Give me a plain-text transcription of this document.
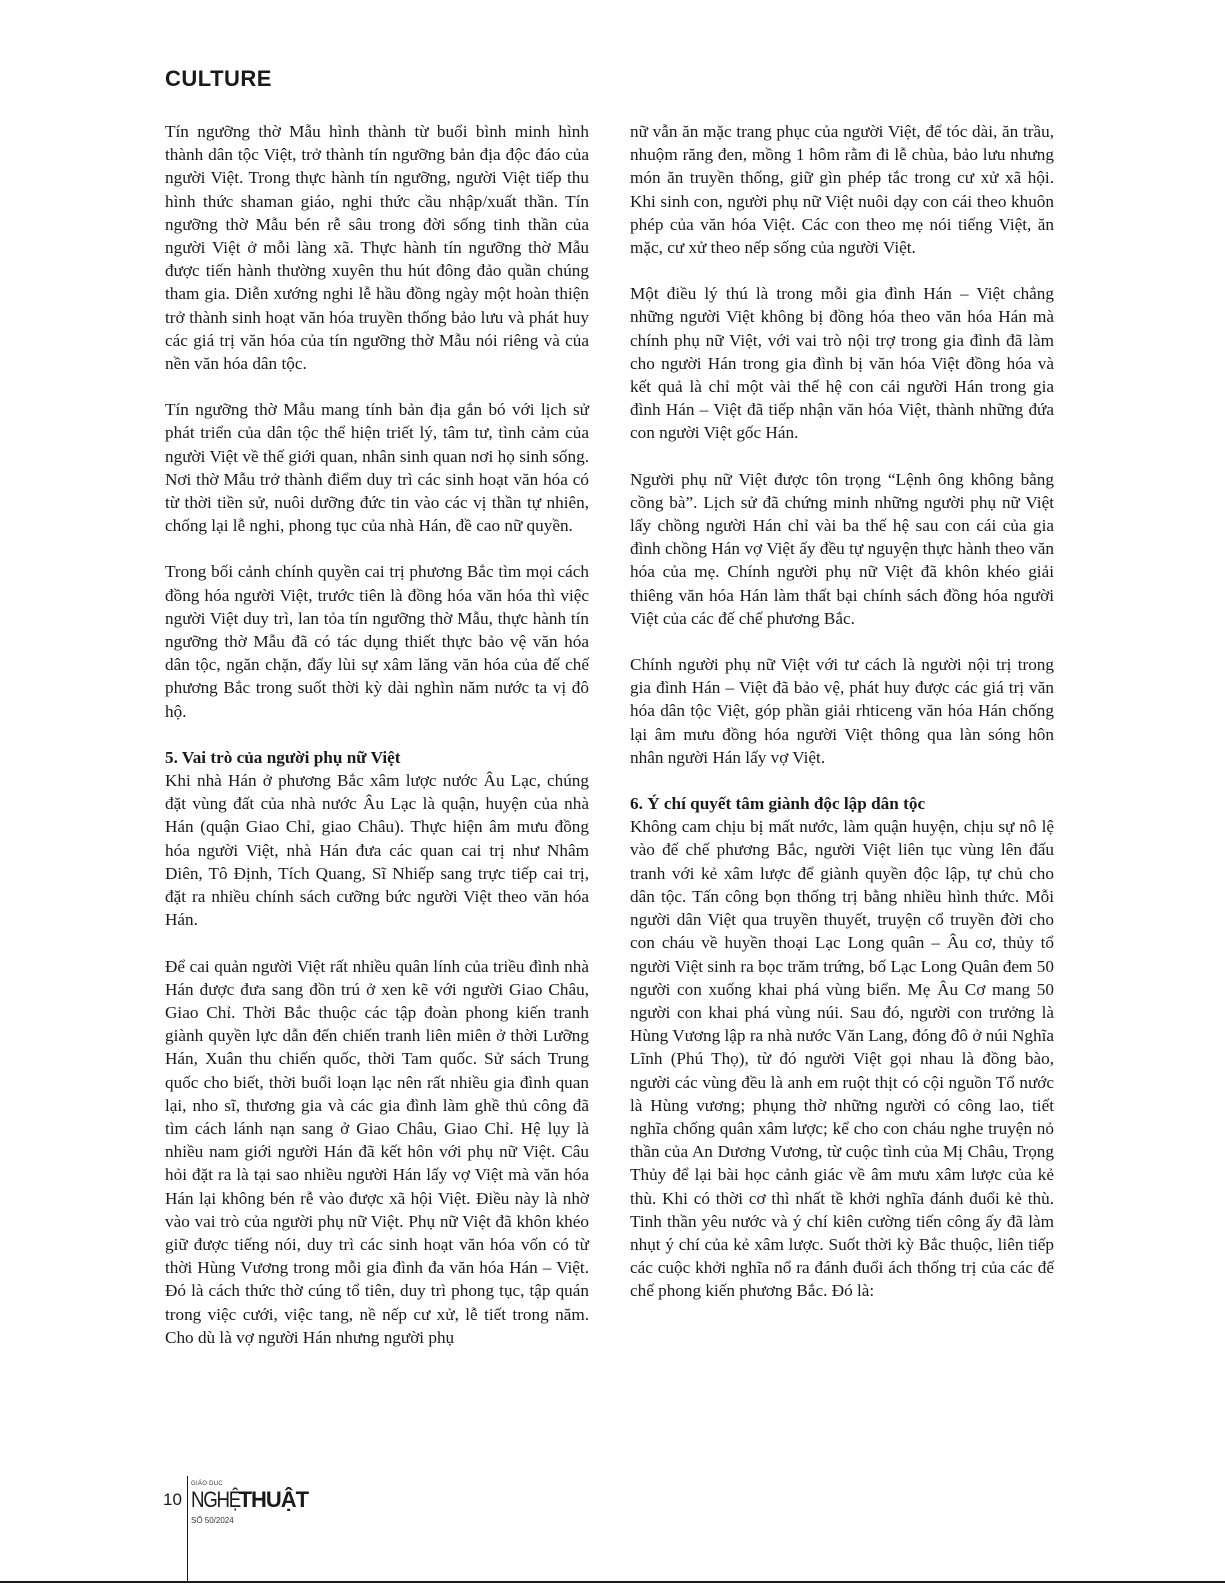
CULTURE

Tín ngưỡng thờ Mẫu hình thành từ buổi bình minh hình thành dân tộc Việt, trở thành tín ngưỡng bản địa độc đáo của người Việt. Trong thực hành tín ngưỡng, người Việt tiếp thu hình thức shaman giáo, nghi thức cầu nhập/xuất thần. Tín ngưỡng thờ Mẫu bén rễ sâu trong đời sống tinh thần của người Việt ở mỗi làng xã. Thực hành tín ngưỡng thờ Mẫu được tiến hành thường xuyên thu hút đông đảo quần chúng tham gia. Diễn xướng nghi lễ hầu đồng ngày một hoàn thiện trở thành sinh hoạt văn hóa truyền thống bảo lưu và phát huy các giá trị văn hóa của tín ngưỡng thờ Mẫu nói riêng và của nền văn hóa dân tộc.

Tín ngưỡng thờ Mẫu mang tính bản địa gắn bó với lịch sử phát triển của dân tộc thể hiện triết lý, tâm tư, tình cảm của người Việt về thế giới quan, nhân sinh quan nơi họ sinh sống. Nơi thờ Mẫu trở thành điểm duy trì các sinh hoạt văn hóa có từ thời tiền sử, nuôi dưỡng đức tin vào các vị thần tự nhiên, chống lại lễ nghi, phong tục của nhà Hán, đề cao nữ quyền.

Trong bối cảnh chính quyền cai trị phương Bắc tìm mọi cách đồng hóa người Việt, trước tiên là đồng hóa văn hóa thì việc người Việt duy trì, lan tỏa tín ngưỡng thờ Mẫu, thực hành tín ngưỡng thờ Mẫu đã có tác dụng thiết thực bảo vệ văn hóa dân tộc, ngăn chặn, đẩy lùi sự xâm lăng văn hóa của đế chế phương Bắc trong suốt thời kỳ dài nghìn năm nước ta vị đô hộ.

5. Vai trò của người phụ nữ Việt

Khi nhà Hán ở phương Bắc xâm lược nước Âu Lạc, chúng đặt vùng đất của nhà nước Âu Lạc là quận, huyện của nhà Hán (quận Giao Chỉ, giao Châu). Thực hiện âm mưu đồng hóa người Việt, nhà Hán đưa các quan cai trị như Nhâm Diên, Tô Định, Tích Quang, Sĩ Nhiếp sang trực tiếp cai trị, đặt ra nhiều chính sách cưỡng bức người Việt theo văn hóa Hán.

Để cai quản người Việt rất nhiều quân lính của triều đình nhà Hán được đưa sang đồn trú ở xen kẽ với người Giao Châu, Giao Chỉ. Thời Bắc thuộc các tập đoàn phong kiến tranh giành quyền lực dẫn đến chiến tranh liên miên ở thời Lưỡng Hán, Xuân thu chiến quốc, thời Tam quốc. Sử sách Trung quốc cho biết, thời buổi loạn lạc nên rất nhiều gia đình quan lại, nho sĩ, thương gia và các gia đình làm ghề thủ công đã tìm cách lánh nạn sang ở Giao Châu, Giao Chỉ. Hệ lụy là nhiều nam giới người Hán đã kết hôn với phụ nữ Việt. Câu hỏi đặt ra là tại sao nhiều người Hán lấy vợ Việt mà văn hóa Hán lại không bén rễ vào được xã hội Việt. Điều này là nhờ vào vai trò của người phụ nữ Việt. Phụ nữ Việt đã khôn khéo giữ được tiếng nói, duy trì các sinh hoạt văn hóa vốn có từ thời Hùng Vương trong mỗi gia đình đa văn hóa Hán – Việt. Đó là cách thức thờ cúng tổ tiên, duy trì phong tục, tập quán trong việc cưới, việc tang, nề nếp cư xử, lễ tiết trong năm. Cho dù là vợ người Hán nhưng người phụ

nữ vẫn ăn mặc trang phục của người Việt, để tóc dài, ăn trầu, nhuộm răng đen, mồng 1 hôm rằm đi lễ chùa, bảo lưu nhưng món ăn truyền thống, giữ gìn phép tắc trong cư xử xã hội. Khi sinh con, người phụ nữ Việt nuôi dạy con cái theo khuôn phép của văn hóa Việt. Các con theo mẹ nói tiếng Việt, ăn mặc, cư xử theo nếp sống của người Việt.

Một điều lý thú là trong mỗi gia đình Hán – Việt chẳng những người Việt không bị đồng hóa theo văn hóa Hán mà chính phụ nữ Việt, với vai trò nội trợ trong gia đình đã làm cho người Hán trong gia đình bị văn hóa Việt đồng hóa và kết quả là chỉ một vài thế hệ con cái người Hán trong gia đình Hán – Việt đã tiếp nhận văn hóa Việt, thành những đứa con người Việt gốc Hán.

Người phụ nữ Việt được tôn trọng “Lệnh ông không bằng cồng bà”. Lịch sử đã chứng minh những người phụ nữ Việt lấy chồng người Hán chỉ vài ba thế hệ sau con cái của gia đình chồng Hán vợ Việt ấy đều tự nguyện thực hành theo văn hóa của mẹ. Chính người phụ nữ Việt đã khôn khéo giải thiêng văn hóa Hán làm thất bại chính sách đồng hóa người Việt của các đế chế phương Bắc.

Chính người phụ nữ Việt với tư cách là người nội trị trong gia đình Hán – Việt đã bảo vệ, phát huy được các giá trị văn hóa dân tộc Việt, góp phần giải rhticeng văn hóa Hán chống lại âm mưu đồng hóa người Việt thông qua làn sóng hôn nhân người Hán lấy vợ Việt.

6. Ý chí quyết tâm giành độc lập dân tộc

Không cam chịu bị mất nước, làm quận huyện, chịu sự nô lệ vào đế chế phương Bắc, người Việt liên tục vùng lên đấu tranh với kẻ xâm lược để giành quyền độc lập, tự chủ cho dân tộc. Tấn công bọn thống trị bằng nhiều hình thức. Mỗi người dân Việt qua truyền thuyết, truyện cổ truyền đời cho con cháu về huyền thoại Lạc Long quân – Âu cơ, thủy tổ người Việt sinh ra bọc trăm trứng, bố Lạc Long Quân đem 50 người con xuống khai phá vùng biển. Mẹ Âu Cơ mang 50 người con khai phá vùng núi. Sau đó, người con trưởng là Hùng Vương lập ra nhà nước Văn Lang, đóng đô ở núi Nghĩa Lĩnh (Phú Thọ), từ đó người Việt gọi nhau là đồng bào, người các vùng đều là anh em ruột thịt có cội nguồn Tổ nước là Hùng vương; phụng thờ những người có công lao, tiết nghĩa chống quân xâm lược; kể cho con cháu nghe truyện nỏ thần của An Dương Vương, từ cuộc tình của Mị Châu, Trọng Thủy để lại bài học cảnh giác về âm mưu xâm lược của kẻ thù. Khi có thời cơ thì nhất tề khởi nghĩa đánh đuổi kẻ thù. Tinh thần yêu nước và ý chí kiên cường tiến công ấy đã làm nhụt ý chí của kẻ xâm lược. Suốt thời kỳ Bắc thuộc, liên tiếp các cuộc khởi nghĩa nổ ra đánh đuổi ách thống trị của các đế chế phong kiến phương Bắc. Đó là:

10
GIÁO DỤC
NGHỆTHUẬT
SỐ 50/2024
